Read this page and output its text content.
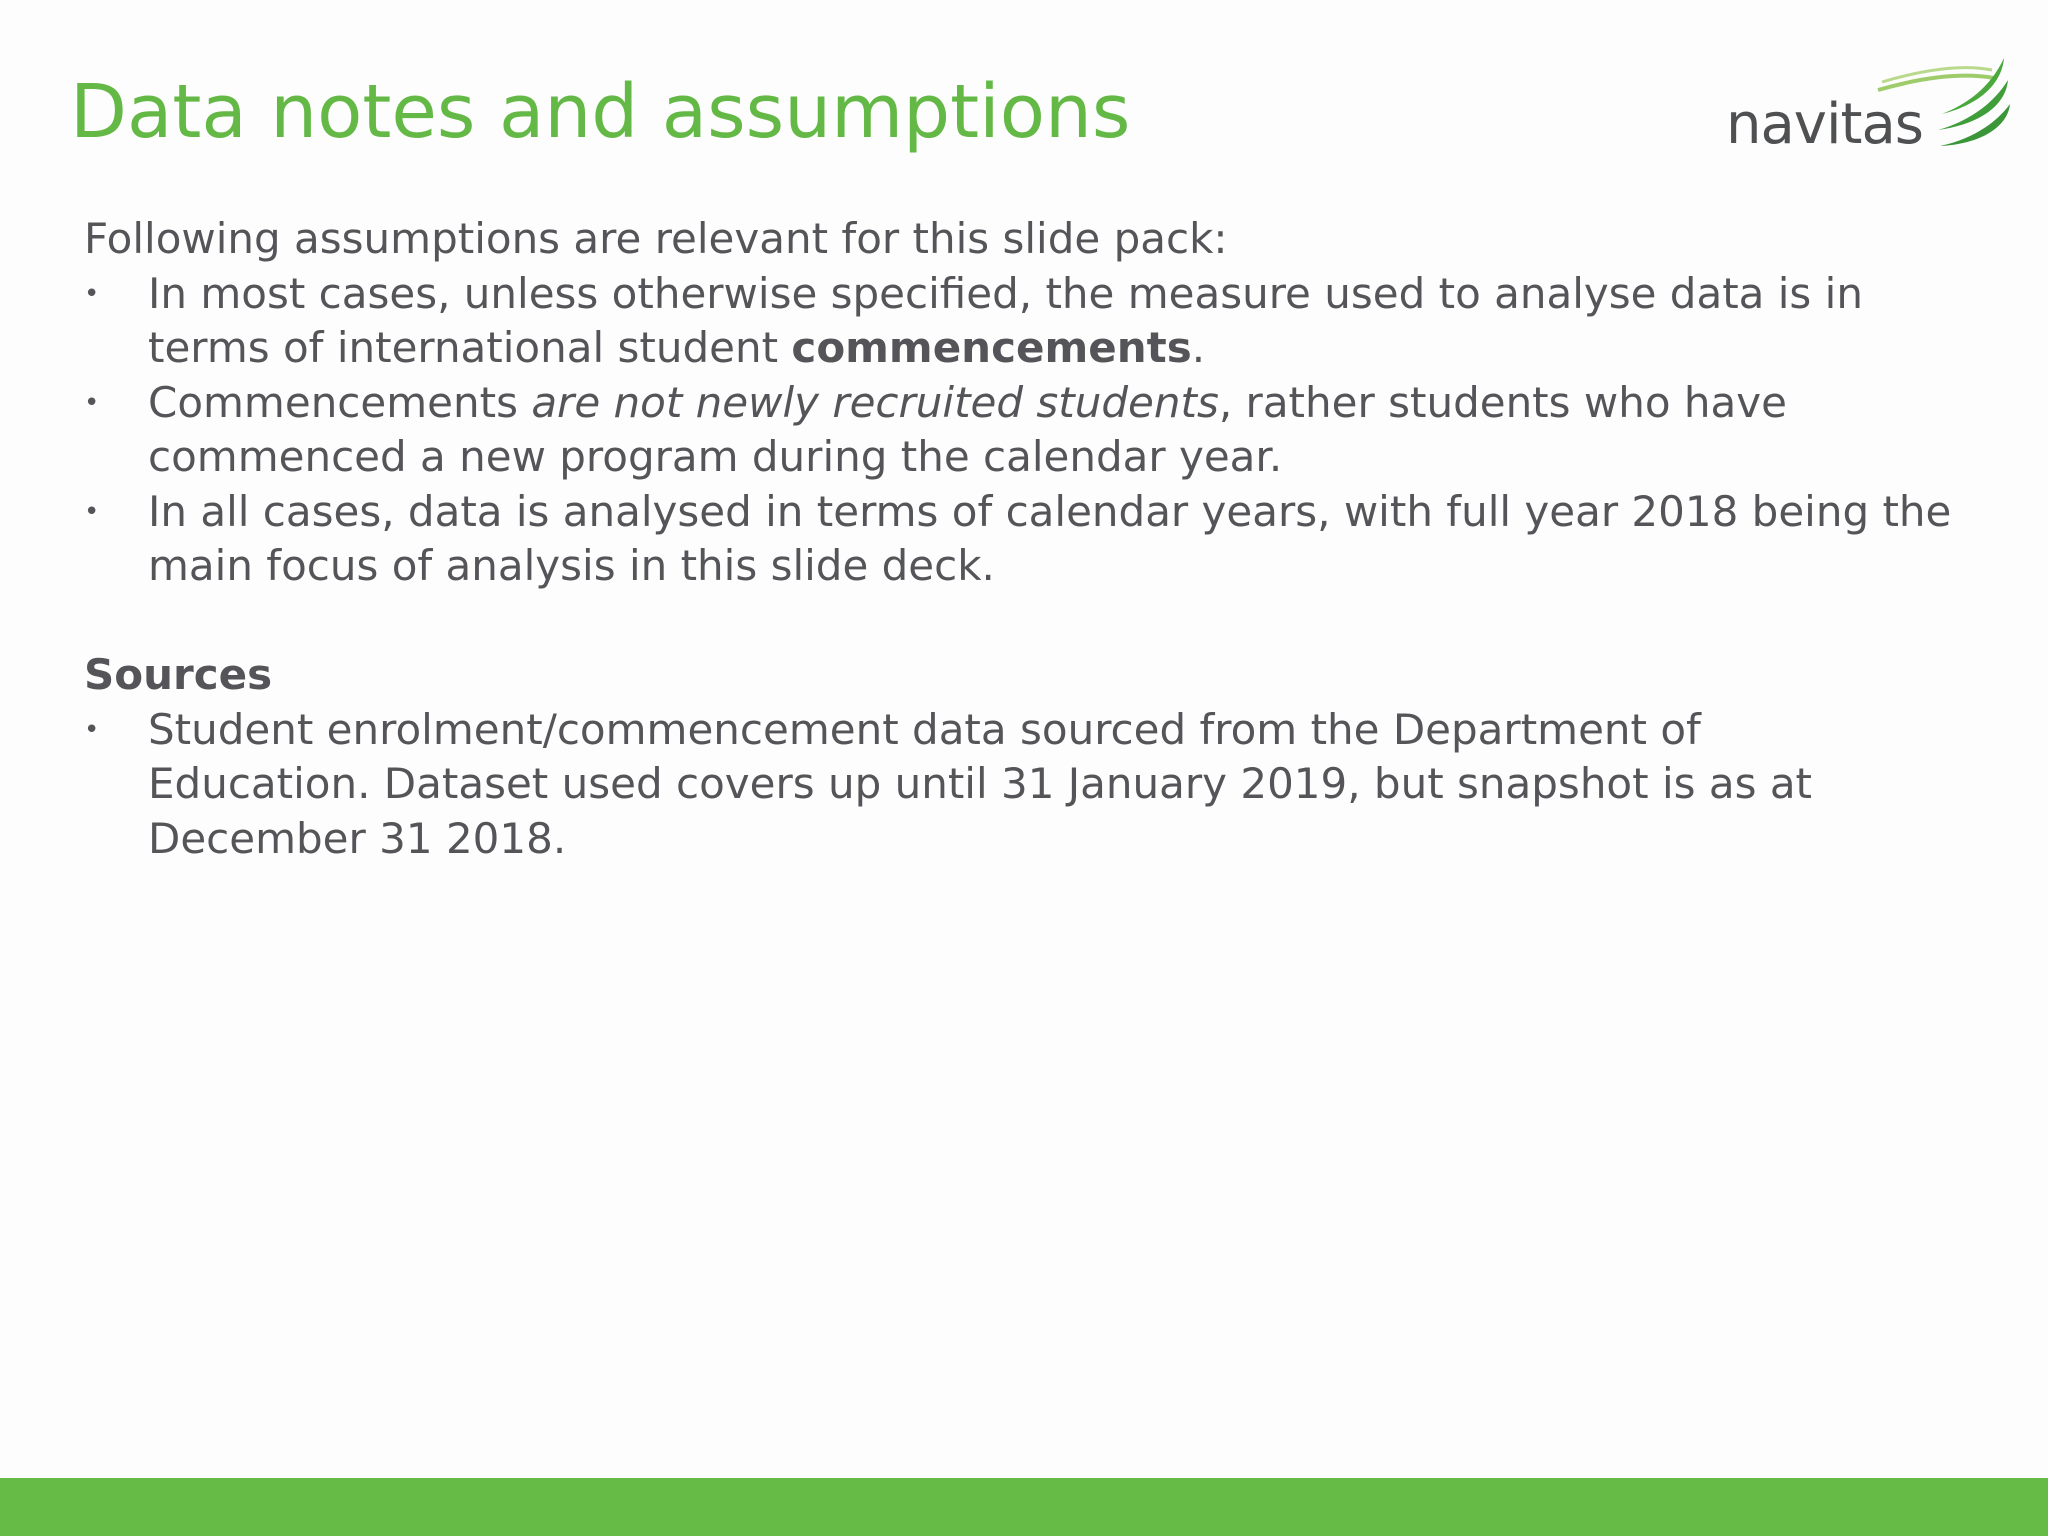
Data notes and assumptions	navitas

Following assumptions are relevant for this slide pack:

• In most cases, unless otherwise specified, the measure used to analyse data is in terms of international student commencements.
• Commencements are not newly recruited students, rather students who have commenced a new program during the calendar year.
• In all cases, data is analysed in terms of calendar years, with full year 2018 being the main focus of analysis in this slide deck.

Sources

• Student enrolment/commencement data sourced from the Department of
Education. Dataset used covers up until 31 January 2019, but snapshot is as at
December 31 2018.
